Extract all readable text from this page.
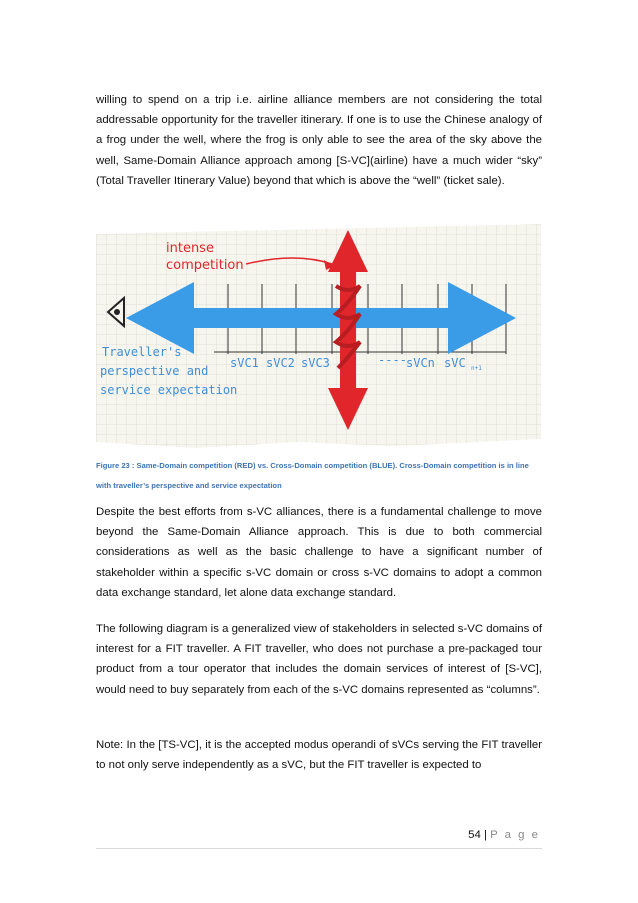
willing to spend on a trip i.e. airline alliance members are not considering the total addressable opportunity for the traveller itinerary. If one is to use the Chinese analogy of a frog under the well, where the frog is only able to see the area of the sky above the well, Same-Domain Alliance approach among [S-VC](airline) have a much wider “sky” (Total Traveller Itinerary Value) beyond that which is above the “well” (ticket sale).

intense
competition
Traveller's
perspective and
service expectation
sVC1 sVC2 sVC3	---- sVCn sVC n+1

Figure 23 : Same-Domain competition (RED) vs. Cross-Domain competition (BLUE). Cross-Domain competition is in line with traveller’s perspective and service expectation

Despite the best efforts from s-VC alliances, there is a fundamental challenge to move beyond the Same-Domain Alliance approach. This is due to both commercial considerations as well as the basic challenge to have a significant number of stakeholder within a specific s-VC domain or cross s-VC domains to adopt a common data exchange standard, let alone data exchange standard.

The following diagram is a generalized view of stakeholders in selected s-VC domains of interest for a FIT traveller. A FIT traveller, who does not purchase a pre-packaged tour product from a tour operator that includes the domain services of interest of [S-VC], would need to buy separately from each of the s-VC domains represented as “columns”.

Note: In the [TS-VC], it is the accepted modus operandi of sVCs serving the FIT traveller to not only serve independently as a sVC, but the FIT traveller is expected to

54 | P a g e
